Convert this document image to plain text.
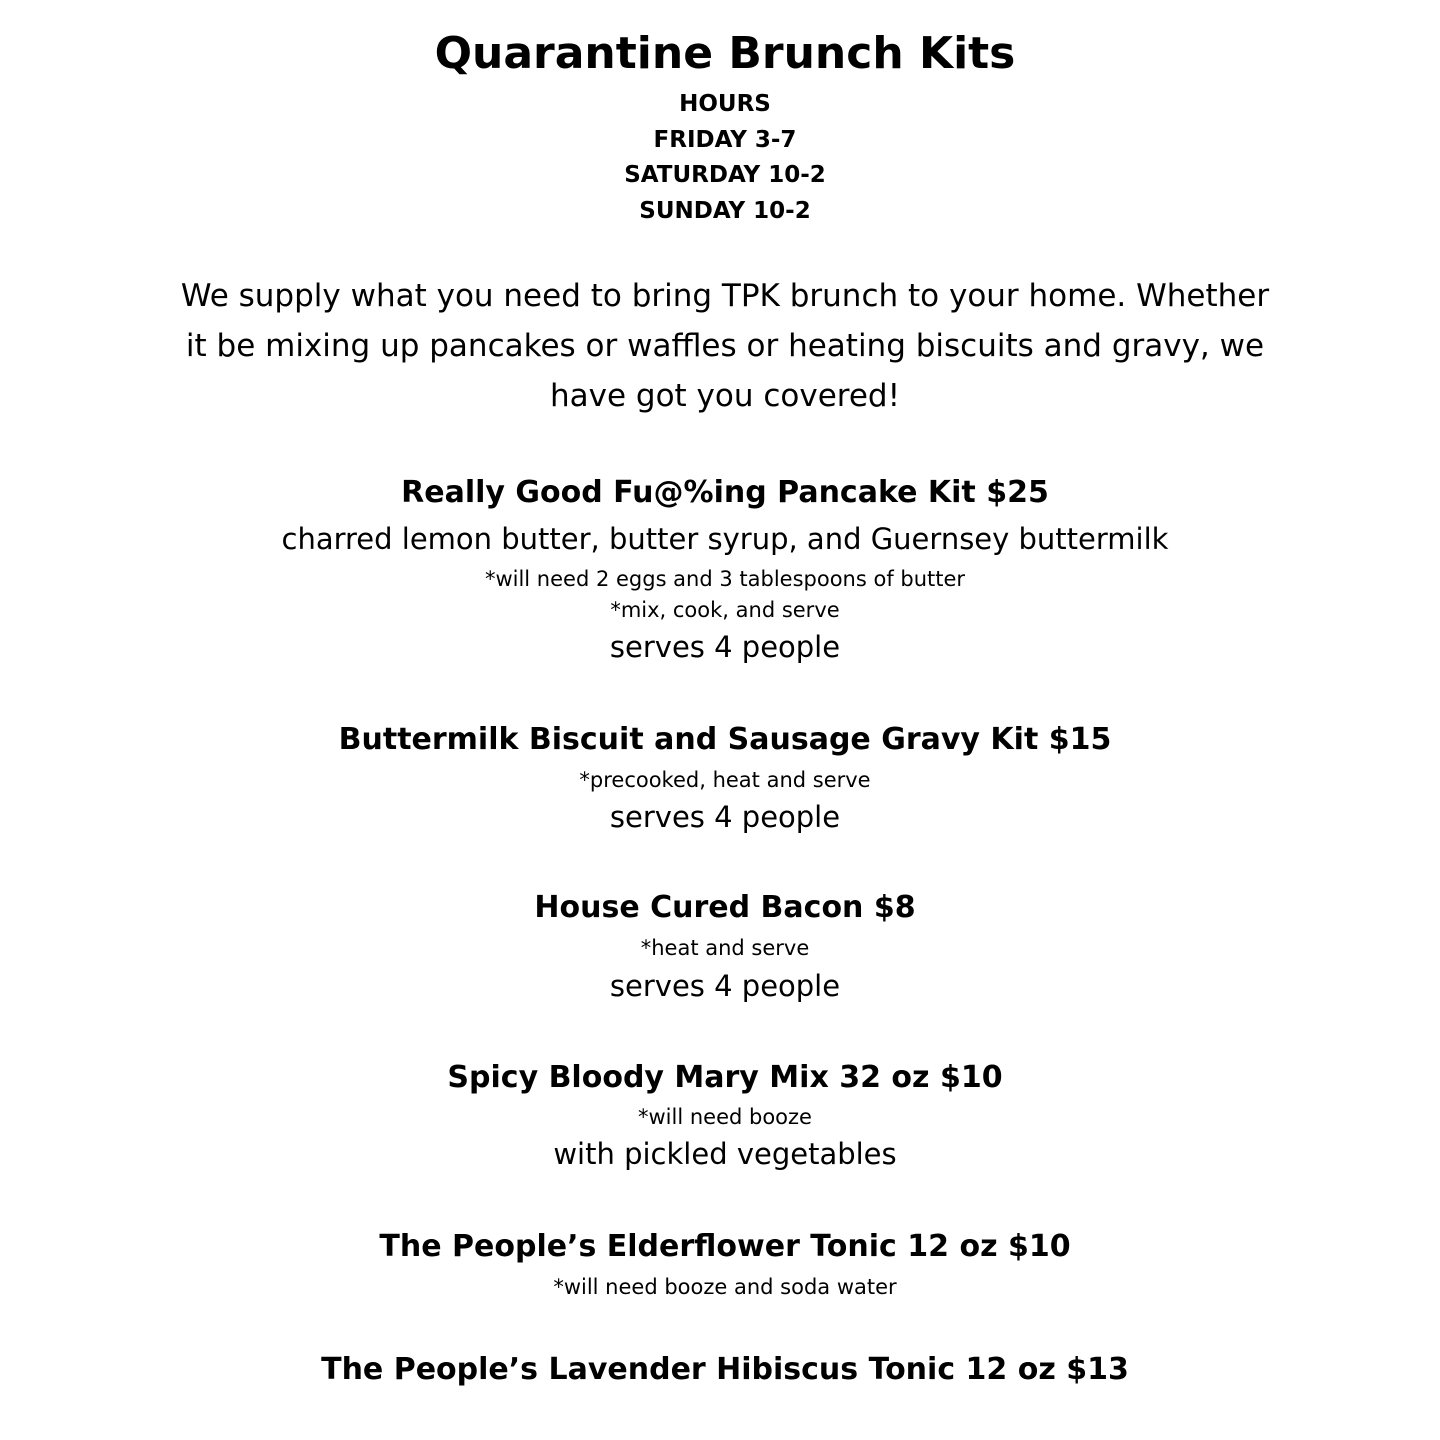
Quarantine Brunch Kits
HOURS
FRIDAY 3-7
SATURDAY 10-2
SUNDAY 10-2
We supply what you need to bring TPK brunch to your home. Whether
it be mixing up pancakes or waffles or heating biscuits and gravy, we
have got you covered!
Really Good Fu@%ing Pancake Kit $25
charred lemon butter, butter syrup, and Guernsey buttermilk
*will need 2 eggs and 3 tablespoons of butter
*mix, cook, and serve
serves 4 people
Buttermilk Biscuit and Sausage Gravy Kit $15
*precooked, heat and serve
serves 4 people
House Cured Bacon $8
*heat and serve
serves 4 people
Spicy Bloody Mary Mix 32 oz $10
*will need booze
with pickled vegetables
The People’s Elderflower Tonic 12 oz $10
*will need booze and soda water
The People’s Lavender Hibiscus Tonic 12 oz $13
